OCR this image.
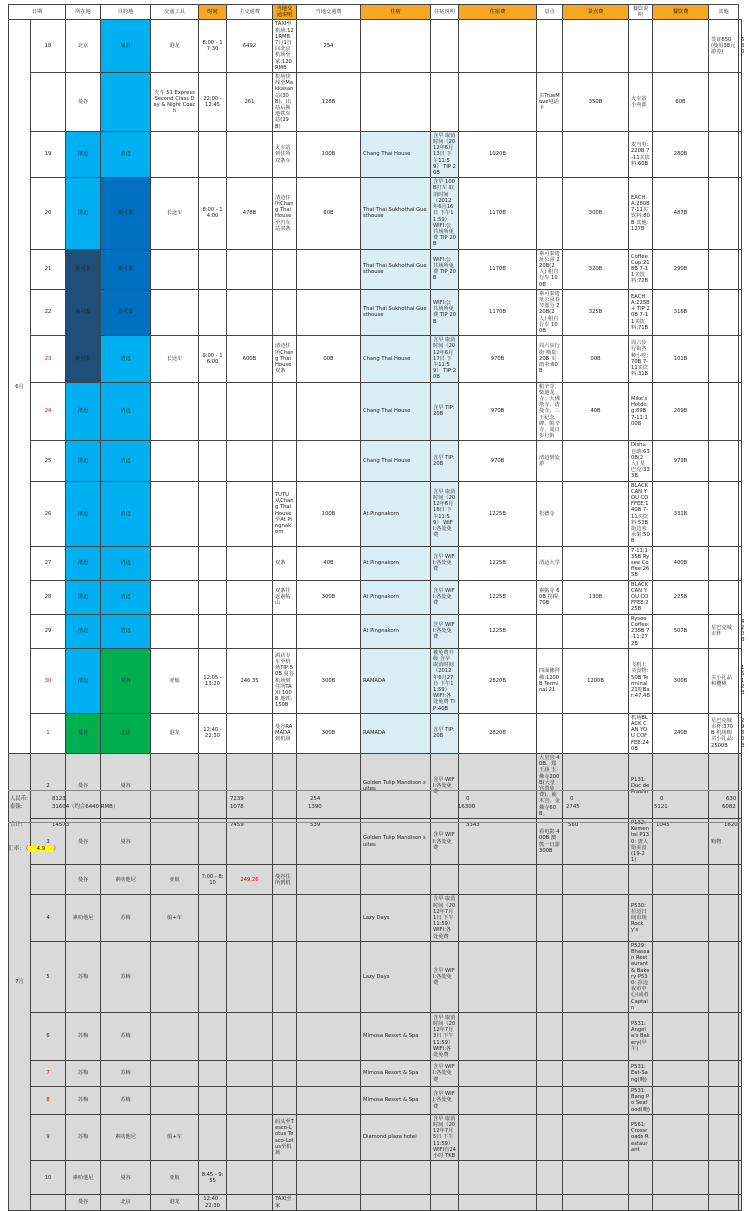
日期		所在地	目的地	交通工具	时间	主交通费	当地交通说明	当地交通费	住宿	住宿说明	住宿费	景点	景点费	餐饮说明	餐饮费	其他	
6月	18	北京	曼谷	港龙	8:00 - 17:30	6492	TAXI至机场:121RMB 7月1日回北京机场至家:120RMB	254								签证650(使用38元游券)	630
		曼谷		火车 51 Express Second Class Day & Night Coach	22:00 - 12:45	261	机场快线至Makkasan站(30B)，出站后换地铁车站(29B)	128B				买TrueMove电话卡	350B	火车站小卖部	60B		
	19	清迈	清迈				火车站到住所双条车	100B	Chang Thai House	含早 取消时间（2012年6月13日 下午11:59） TIP 20B	1020B			麦当劳:220B 7-11买饮料:60B	280B		
	20	清迈	素可泰	长途车	8:00 - 14:00	478B	清迈住所Chang Thai House至汽车站双条	60B	Thai Thai Sukhothai Guesthouse	含早 100B打车 取消时间（2012年6月16日 下午11:59） WIFI:公共场所免费 TIP 20B	1170B		300B	EACHA:280B 7-11买饮料:80B 其他:127B	487B		
	21	素可泰	素可泰						Thai Thai Sukhothai Guesthouse	WIFI:公共场所免费 TIP 20B	1170B	素可泰遗址公园 220B(2人) 租自行车 100B	320B	Coffee Cup:218B 7-11买饮料:72B	290B		
	22	素可泰	素可泰						Thai Thai Sukhothai Guesthouse	WIFI:公共场所免费 TIP 20B	1170B	素可泰遗址公园春节部分 220B(2人) 租自行车 100B	325B	EACHA:225B + TIP 20B 7-11买饮料:71B	316B		
	23	素可泰	清迈	长途车	9:00 - 16:00	600B	清迈住所Chang Thai House双条	00B	Chang Thai House	含早 取消时间（2012年6月17日 下午11:59） TIP:20B	970B	周六步行街 喷泉:20B 买雨伞:60B	00B	周六步行街各种小吃:70B 7-11买饮料:31B	101B		
	24	清迈	清迈						Chang Thai House	含早 TIP:20B	970B	帕辛寺、柴迪龙寺、大佛塔寺、清曼寺、三王纪念碑、帕辛寺、周日步行街	40B	Mike's Hotdog:89B 7-11:100B	269B		
	25	清迈	清迈						Chang Thai House	含早 TIP:20B	970B	清迈到处游		Dishu自助:630B(2人) 星巴克:333B	973B		
	26	清迈	清迈				TUTU从Chang Thai House至At Pingnakorn	100B	At Pingnakorn	含早 取消时间（2012年6月18日 下午11:59） WIFI:各处免费	1225B	松德寺		BLACK CAN YOU COFFEE:140B 7-11买饮料:53B 街边米水果:50B	331B		
	27	清迈	清迈				双条	40B	At Pingnakorn	含早 WIFI:各处免费	1225B	清迈大学		7-11:135B Rysee Coffee:265B	400B		
	28	清迈	清迈				双条往返素帖山	300B	At Pingnakorn	含早 WIFI:各处免费	1225B	素帖寺 60B 拐棍 70B	130B	BLACK CAN YOU COFFEE:225B	225B		
	29	清迈	清迈						At Pingnakorn	含早 WIFI:各处免费	1225B			Rysee Coffee:235B 7-11:272B	507B	星巴克城市杯	420B
	30	清迈	曼谷	亚航	12:05 - 13:20	246.35	酒店专车至机场TIP:50B 曼谷机场到住所TAXI:100B 地铁:150B	300B	RAMADA	被免费升级 含早 取消时间（2012年6月27日 下午11:59） WIFI:各处免费 TIP:40B	2820B	四面佛拜佛:1200B Terminal 21	1200B	飞机上买食物:50B Terminal 21吃Bar:47.4B	300B	买小礼品和樱桃	1512B
	1	曼谷	北京	港龙	12:40 - 22:30		曼谷RAMADA到机场	300B	RAMADA	含早 TIP:20B	2820B			机场BLACK CAN YOU COFFEE:240B	240B	星巴克城市杯:370B 机场购买小礼品:2500B	2980B
7月	2	曼谷	曼谷						Golden Tulip Mandison suites	含早 WIFI:各处免费		大皇宫 40B、郑王庙 玉佛寺200B(大皇宫票免费)、袖木宫、金佛寺60B。		P131: Duc de Praslin			
	3	曼谷	曼谷						Golden Tulip Mandison suites	含早 WIFI:各处免费		看电影 400B 澳熊一日游 300B		P132: Kementei P130: 唐人街美食(19-21)		购物	
		曼谷	素叻他尼	亚航	7:00 - 8:10	249.26	曼谷住所到机										
	4	素叻他尼	苏梅	船+车					Lazy Days	含早 取消时间（2012年7月1日 下午11:59） WIFI:各处免费				P530: 拉迈日间市场 Rocky's			
	5	苏梅	苏梅						Lazy Days	含早 WIFI:各处免费				P529: Bhassan Restaurant & Bakery P530: 拉迈夜市中心(或者Captain			
	6	苏梅	苏梅						Mimosa Resort & Spa	含早 取消时间（2012年7月3日 下午11:59） WIFI:各处免费				P531: Angela's Bakery(早午)			
	7	苏梅	苏梅						Mimosa Resort & Spa	含早 WIFI:各处免费				P531: Eat-Sang(晚)			
	8	苏梅	苏梅						Mimosa Resort & Spa	含早 WIFI:各处免费				P531: Bang Po Seafood(晚)			
	9	苏梅	素叻他尼	船+车			码头至Tesco-Lotus Tesco-Lotus至机场		Diamond plaza hotel	含早 取消时间（2012年7月5日 下午11:59） WIFI有24小时 TKB				P561: Crossroads Restaurant			
	10	素叻他尼	曼谷	亚航	8:45 - 9:55												
		曼谷	北京	港龙	12:40 - 22:30		TAXI至家										
人民币:	8123	7239	254	0	0	0	630
泰铢:	31604（约合6440 RMB）	1078	1390	16300	2745	5121	6082
合计:	14573	7459	539	3343	560	1045	1620
汇率: （ 4.9 ）
